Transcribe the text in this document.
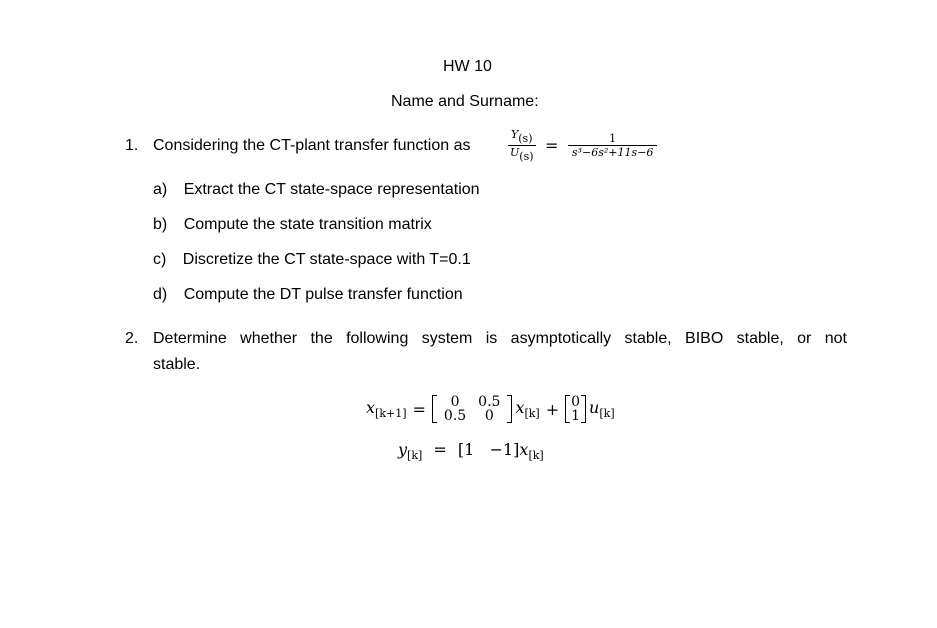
HW 10
Name and Surname:
1. Considering the CT-plant transfer function as	$\frac{Y(s)}{U(s)} = \frac{1}{\text{s³−6s²+11s−6}}$
a) Extract the CT state-space representation
b) Compute the state transition matrix
c) Discretize the CT state-space with T=0.1
d) Compute the DT pulse transfer function
2. Determine whether the following system is asymptotically stable, BIBO stable, or not
stable.
$x_{[k+1]} = 0$	0.5
0.5	0 $x_{[k]} + 0$
1 $u_{[k]}$
$y_{[k]} = [1 -1]x_{[k]}$
